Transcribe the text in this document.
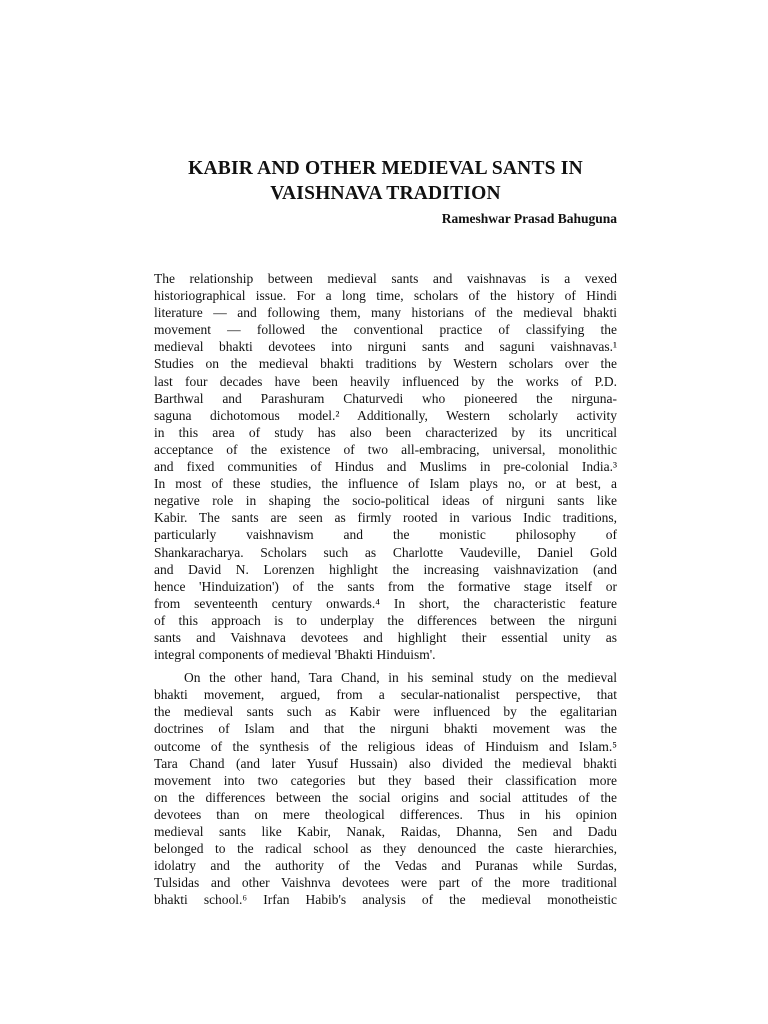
KABIR AND OTHER MEDIEVAL SANTS IN
VAISHNAVA TRADITION
Rameshwar Prasad Bahuguna
The relationship between medieval sants and vaishnavas is a vexed
historiographical issue. For a long time, scholars of the history of Hindi
literature — and following them, many historians of the medieval bhakti
movement — followed the conventional practice of classifying the
medieval bhakti devotees into nirguni sants and saguni vaishnavas.¹
Studies on the medieval bhakti traditions by Western scholars over the
last four decades have been heavily influenced by the works of P.D.
Barthwal and Parashuram Chaturvedi who pioneered the nirguna-
saguna dichotomous model.² Additionally, Western scholarly activity
in this area of study has also been characterized by its uncritical
acceptance of the existence of two all-embracing, universal, monolithic
and fixed communities of Hindus and Muslims in pre-colonial India.³
In most of these studies, the influence of Islam plays no, or at best, a
negative role in shaping the socio-political ideas of nirguni sants like
Kabir. The sants are seen as firmly rooted in various Indic traditions,
particularly vaishnavism and the monistic philosophy of
Shankaracharya. Scholars such as Charlotte Vaudeville, Daniel Gold
and David N. Lorenzen highlight the increasing vaishnavization (and
hence 'Hinduization') of the sants from the formative stage itself or
from seventeenth century onwards.⁴ In short, the characteristic feature
of this approach is to underplay the differences between the nirguni
sants and Vaishnava devotees and highlight their essential unity as
integral components of medieval 'Bhakti Hinduism'.
On the other hand, Tara Chand, in his seminal study on the medieval
bhakti movement, argued, from a secular-nationalist perspective, that
the medieval sants such as Kabir were influenced by the egalitarian
doctrines of Islam and that the nirguni bhakti movement was the
outcome of the synthesis of the religious ideas of Hinduism and Islam.⁵
Tara Chand (and later Yusuf Hussain) also divided the medieval bhakti
movement into two categories but they based their classification more
on the differences between the social origins and social attitudes of the
devotees than on mere theological differences. Thus in his opinion
medieval sants like Kabir, Nanak, Raidas, Dhanna, Sen and Dadu
belonged to the radical school as they denounced the caste hierarchies,
idolatry and the authority of the Vedas and Puranas while Surdas,
Tulsidas and other Vaishnva devotees were part of the more traditional
bhakti school.⁶ Irfan Habib's analysis of the medieval monotheistic
